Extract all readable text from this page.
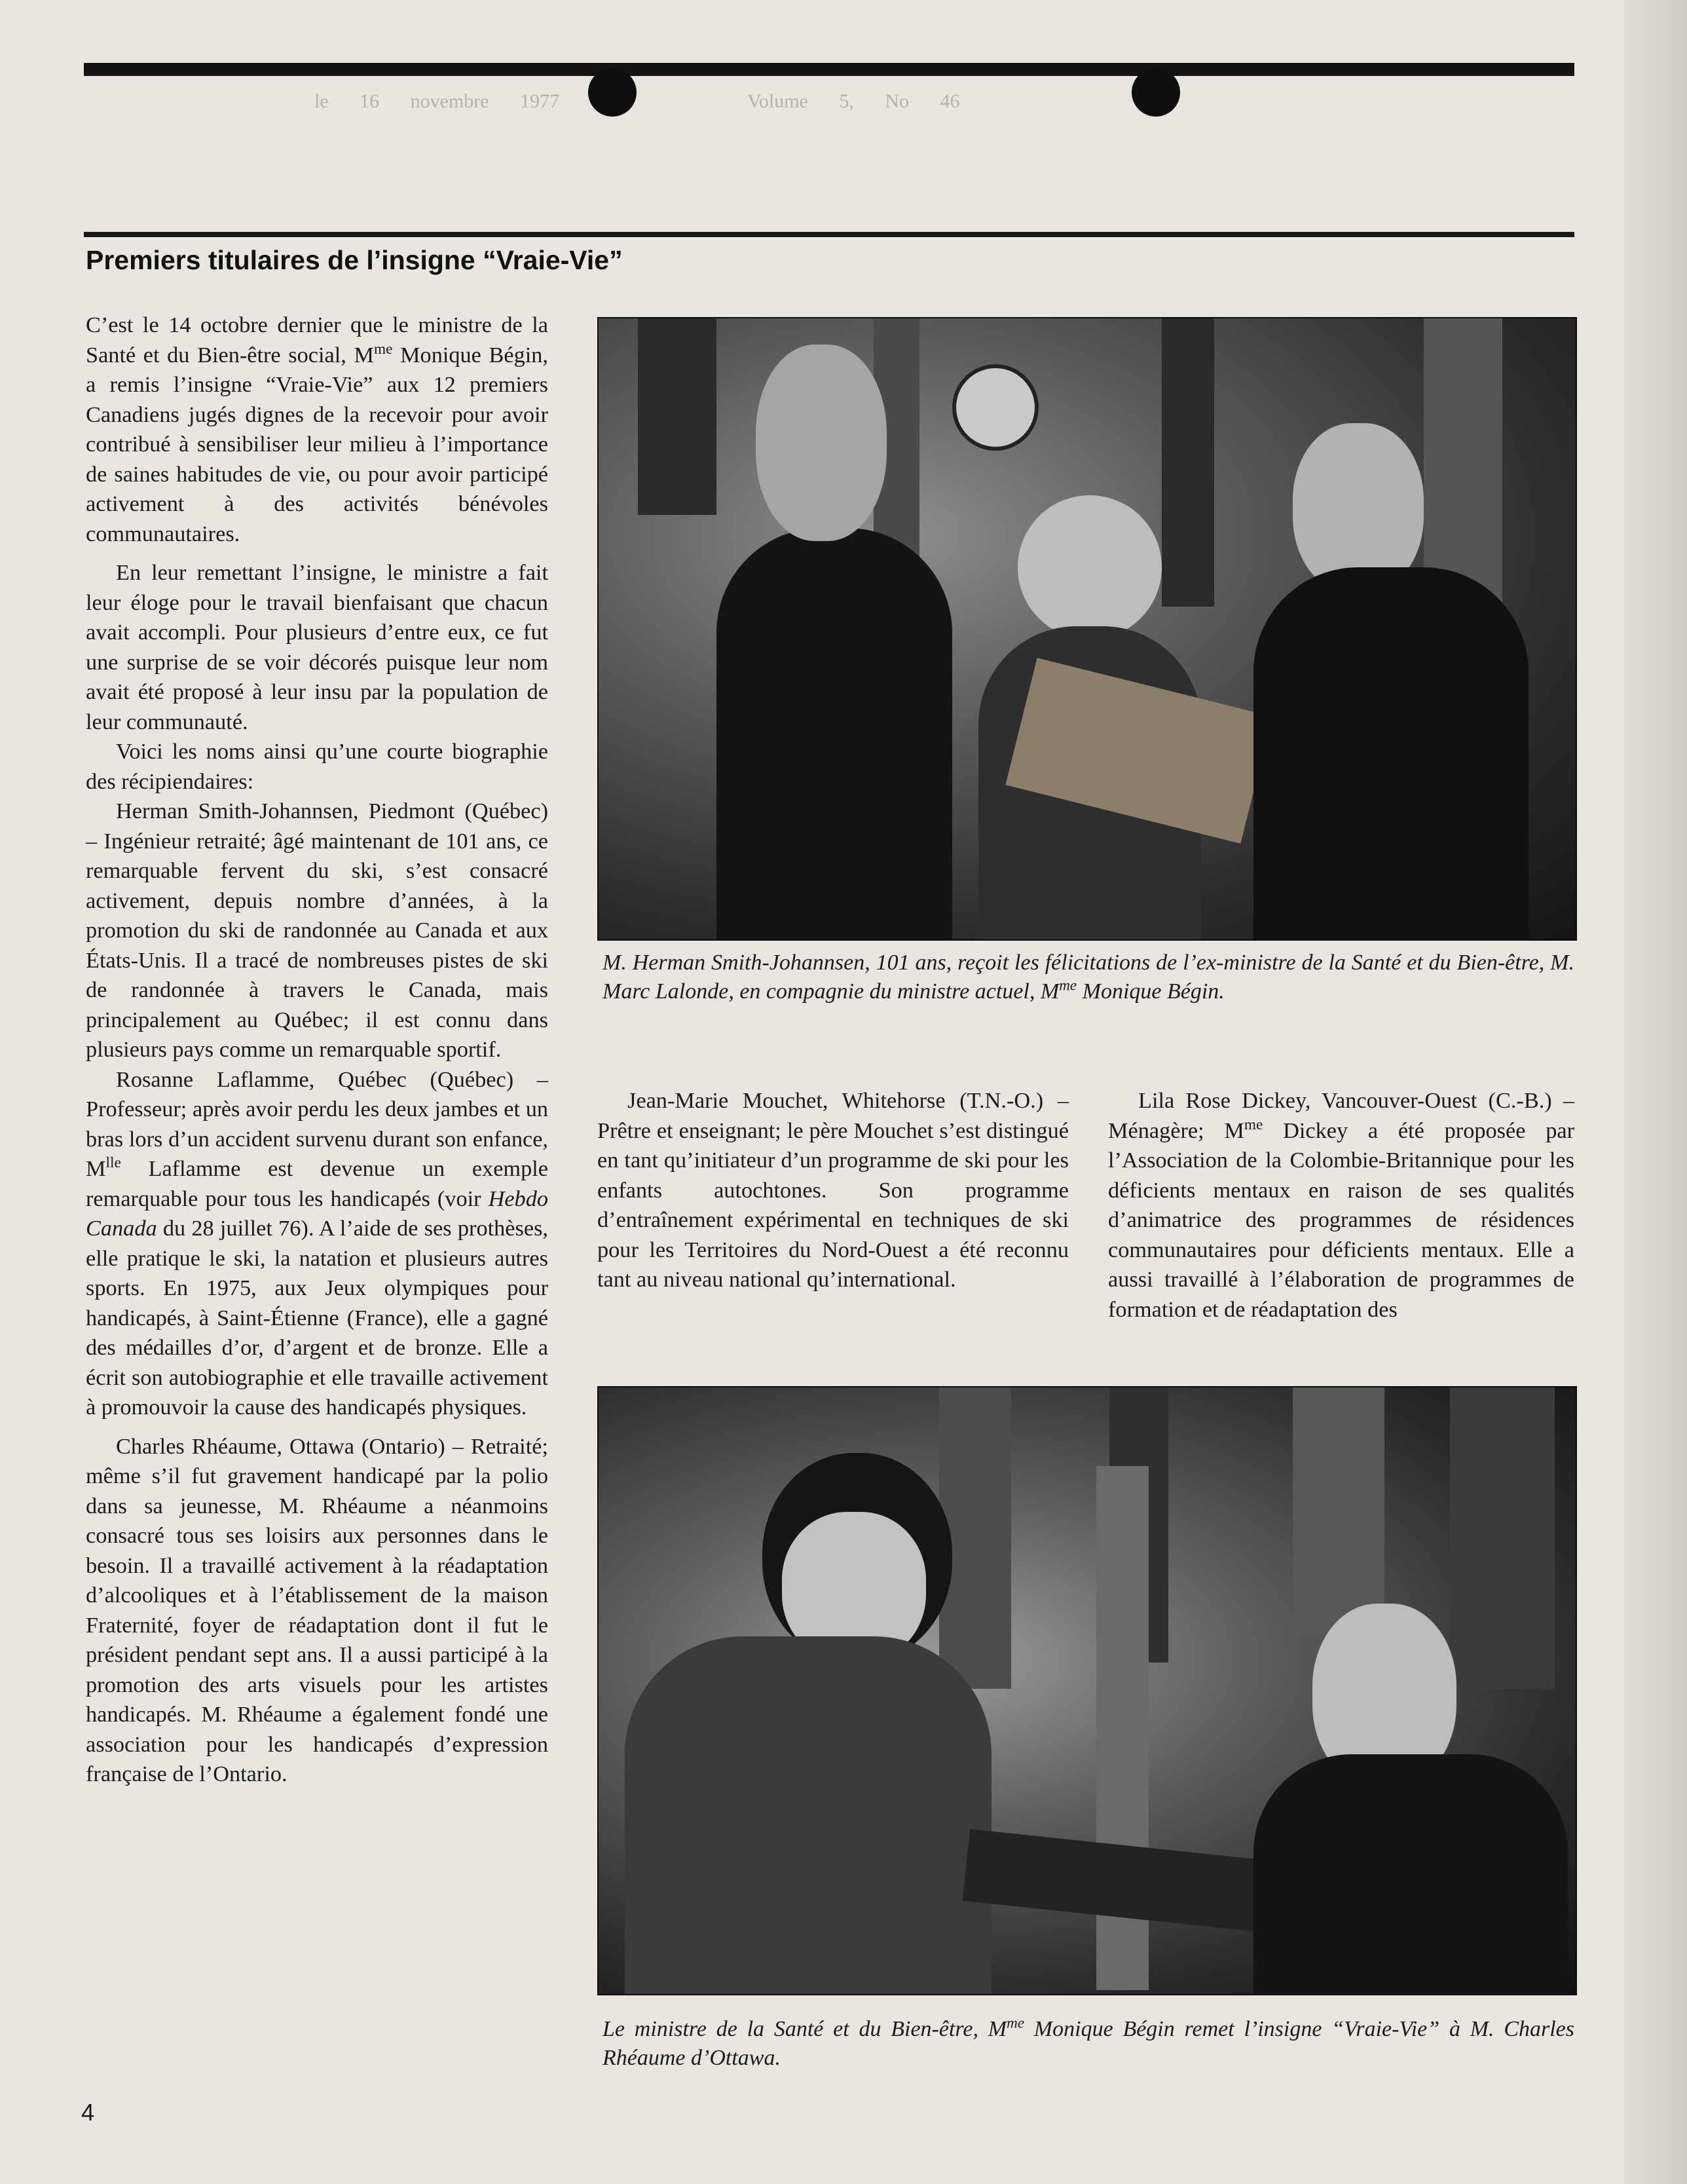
le 16 novembre 1977	Volume 5, No 46
Premiers titulaires de l’insigne “Vraie-Vie”

C’est le 14 octobre dernier que le ministre de la Santé et du Bien-être social, $M^{me}$ Monique Bégin, a remis l’insigne “Vraie-Vie” aux 12 premiers Canadiens jugés dignes de la recevoir pour avoir contribué à sensibiliser leur milieu à l’importance de saines habitudes de vie, ou pour avoir participé activement à des activités bénévoles communautaires.

En leur remettant l’insigne, le ministre a fait leur éloge pour le travail bienfaisant que chacun avait accompli. Pour plusieurs d’entre eux, ce fut une surprise de se voir décorés puisque leur nom avait été proposé à leur insu par la population de leur communauté.

Voici les noms ainsi qu’une courte biographie des récipiendaires:

Herman Smith-Johannsen, Piedmont (Québec) – Ingénieur retraité; âgé maintenant de 101 ans, ce remarquable fervent du ski, s’est consacré activement, depuis nombre d’années, à la promotion du ski de randonnée au Canada et aux États-Unis. Il a tracé de nombreuses pistes de ski de randonnée à travers le Canada, mais principalement au Québec; il est connu dans plusieurs pays comme un remarquable sportif.

Rosanne Laflamme, Québec (Québec) – Professeur; après avoir perdu les deux jambes et un bras lors d’un accident survenu durant son enfance, $M^{lle}$ Laflamme est devenue un exemple remarquable pour tous les handicapés (voir Hebdo Canada du 28 juillet 76). A l’aide de ses prothèses, elle pratique le ski, la natation et plusieurs autres sports. En 1975, aux Jeux olympiques pour handicapés, à Saint-Étienne (France), elle a gagné des médailles d’or, d’argent et de bronze. Elle a écrit son autobiographie et elle travaille activement à promouvoir la cause des handicapés physiques.

Charles Rhéaume, Ottawa (Ontario) – Retraité; même s’il fut gravement handicapé par la polio dans sa jeunesse, M. Rhéaume a néanmoins consacré tous ses loisirs aux personnes dans le besoin. Il a travaillé activement à la réadaptation d’alcooliques et à l’établissement de la maison Fraternité, foyer de réadaptation dont il fut le président pendant sept ans. Il a aussi participé à la promotion des arts visuels pour les artistes handicapés. M. Rhéaume a également fondé une association pour les handicapés d’expression française de l’Ontario.

M. Herman Smith-Johannsen, 101 ans, reçoit les félicitations de l’ex-ministre de la Santé et du Bien-être, M. Marc Lalonde, en compagnie du ministre actuel, $M^{me}$ Monique Bégin.

Jean-Marie Mouchet, Whitehorse (T.N.-O.) – Prêtre et enseignant; le père Mouchet s’est distingué en tant qu’initiateur d’un programme de ski pour les enfants autochtones. Son programme d’entraînement expérimental en techniques de ski pour les Territoires du Nord-Ouest a été reconnu tant au niveau national qu’international.

Lila Rose Dickey, Vancouver-Ouest (C.-B.) – Ménagère; $M^{me}$ Dickey a été proposée par l’Association de la Colombie-Britannique pour les déficients mentaux en raison de ses qualités d’animatrice des programmes de résidences communautaires pour déficients mentaux. Elle a aussi travaillé à l’élaboration de programmes de formation et de réadaptation des

Le ministre de la Santé et du Bien-être, $M^{me}$ Monique Bégin remet l’insigne “Vraie-Vie” à M. Charles Rhéaume d’Ottawa.
4
